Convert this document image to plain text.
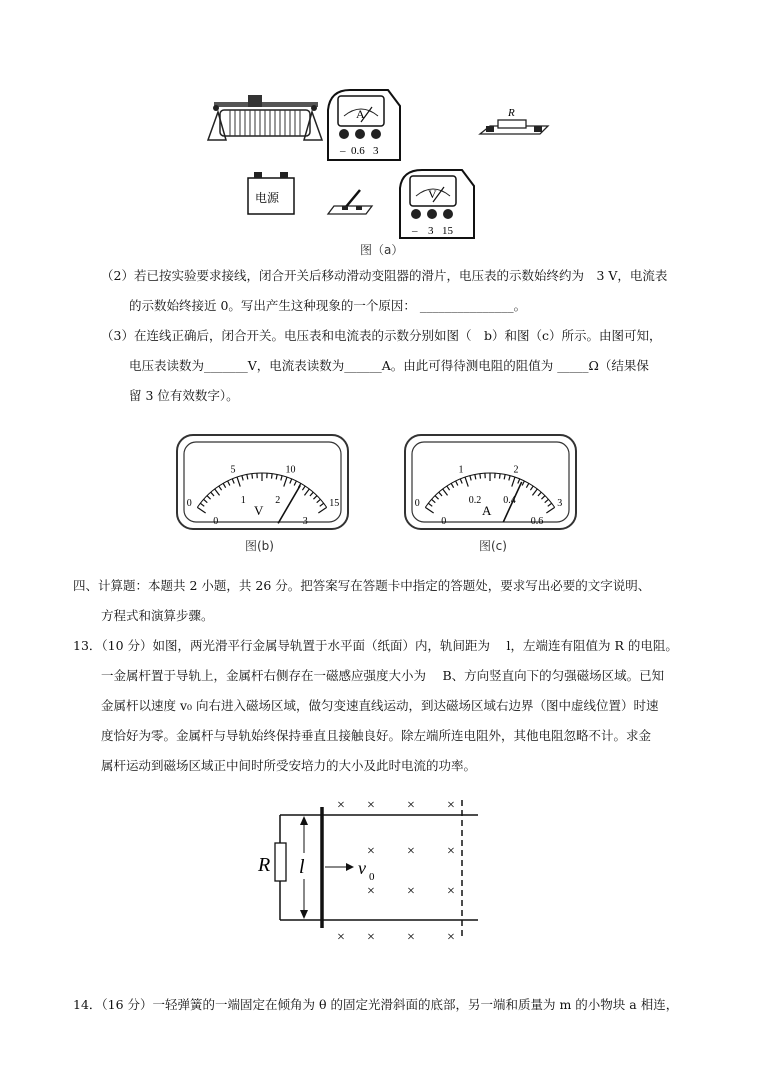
A
– 0.6 3
R
电源	V
– 3 15
图（a）
（2）若已按实验要求接线，闭合开关后移动滑动变阻器的滑片，电压表的示数始终约为　3 V，电流表
的示数始终接近 0。写出产生这种现象的一个原因： _______________。
（3）在连线正确后，闭合开关。电压表和电流表的示数分别如图（　b）和图（c）所示。由图可知，
电压表读数为_______V，电流表读数为______A。由此可得待测电阻的阻值为 _____Ω（结果保
留 3 位有效数字）。
0
5	10
15
0
1	2
3
V
图(b)
0
1	2
3
0
0.2 0.4
0.6
A
图(c)
四、计算题：本题共 2 小题，共 26 分。把答案写在答题卡中指定的答题处，要求写出必要的文字说明、
方程式和演算步骤。
13．（10 分）如图，两光滑平行金属导轨置于水平面（纸面）内，轨间距为　 l，左端连有阻值为 R 的电阻。
一金属杆置于导轨上，金属杆右侧存在一磁感应强度大小为　 B、方向竖直向下的匀强磁场区域。已知
金属杆以速度 v₀ 向右进入磁场区域，做匀变速直线运动，到达磁场区域右边界（图中虚线位置）时速
度恰好为零。金属杆与导轨始终保持垂直且接触良好。除左端所连电阻外，其他电阻忽略不计。求金
属杆运动到磁场区域正中间时所受安培力的大小及此时电流的功率。
R l	v 0
× × × ×
× × ×
× × ×
× × × ×
14．（16 分）一轻弹簧的一端固定在倾角为 θ 的固定光滑斜面的底部，另一端和质量为 m 的小物块 a 相连，
